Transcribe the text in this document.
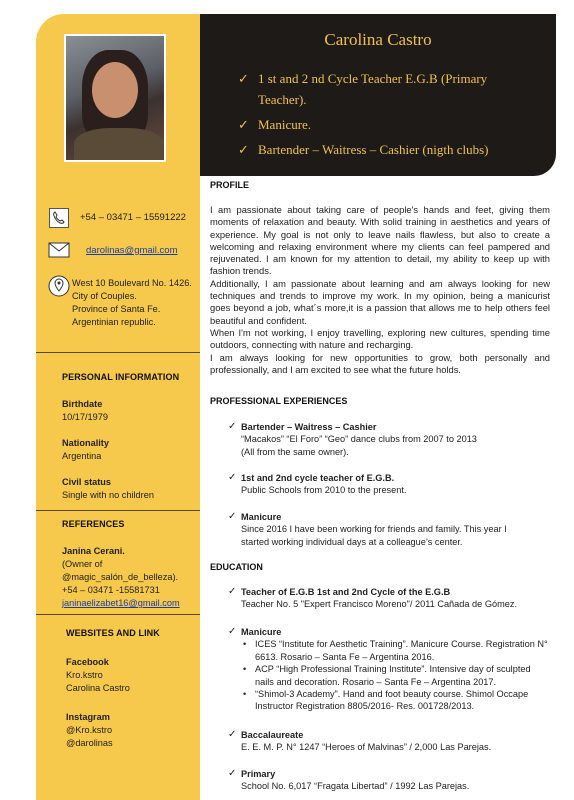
Carolina Castro
✓ 1 st and 2 nd Cycle Teacher E.G.B (Primary Teacher).
✓ Manicure.
✓ Bartender – Waitress – Cashier (nigth clubs)
+54 – 03471 – 15591222
darolinas@gmail.com
West 10 Boulevard No. 1426.
City of Couples.
Province of Santa Fe.
Argentinian republic.
PERSONAL INFORMATION
Birthdate
10/17/1979
Nationality
Argentina
Civil status
Single with no children
REFERENCES
Janina Cerani.
(Owner of
@magic_salón_de_belleza).
+54 – 03471 -15581731
janinaelizabet16@gmail.com
WEBSITES AND LINK
Facebook
Kro.kstro
Carolina Castro
Instagram
@Kro.kstro
@darolinas
PROFILE
I am passionate about taking care of people's hands and feet, giving them moments of relaxation and beauty. With solid training in aesthetics and years of experience. My goal is not only to leave nails flawless, but also to create a welcoming and relaxing environment where my clients can feel pampered and rejuvenated. I am known for my attention to detail, my ability to keep up with fashion trends.
Additionally, I am passionate about learning and am always looking for new techniques and trends to improve my work. In my opinion, being a manicurist goes beyond a job, what´s more,it is a passion that allows me to help others feel beautiful and confident.
When I'm not working, I enjoy travelling, exploring new cultures, spending time outdoors, connecting with nature and recharging.
I am always looking for new opportunities to grow, both personally and professionally, and I am excited to see what the future holds.
PROFESSIONAL EXPERIENCES
✓ Bartender – Waitress – Cashier
“Macakos” “El Foro” “Geo” dance clubs from 2007 to 2013
(All from the same owner).
✓ 1st and 2nd cycle teacher of E.G.B.
Public Schools from 2010 to the present.
✓ Manicure
Since 2016 I have been working for friends and family. This year I
started working individual days at a colleague’s center.
EDUCATION
✓ Teacher of E.G.B 1st and 2nd Cycle of the E.G.B
Teacher No. 5 "Expert Francisco Moreno"/ 2011 Cañada de Gómez.
✓ Manicure
• ICES “Institute for Aesthetic Training”. Manicure Course. Registration N° 6613. Rosario – Santa Fe – Argentina 2016.
• ACP “High Professional Training Institute”. Intensive day of sculpted nails and decoration. Rosario – Santa Fe – Argentina 2017.
• “Shimol-3 Academy”. Hand and foot beauty course. Shimol Occape Instructor Registration 8805/2016- Res. 001728/2013.
✓ Baccalaureate
E. E. M. P. N° 1247 “Heroes of Malvinas” / 2,000 Las Parejas.
✓ Primary
School No. 6,017 “Fragata Libertad” / 1992 Las Parejas.
